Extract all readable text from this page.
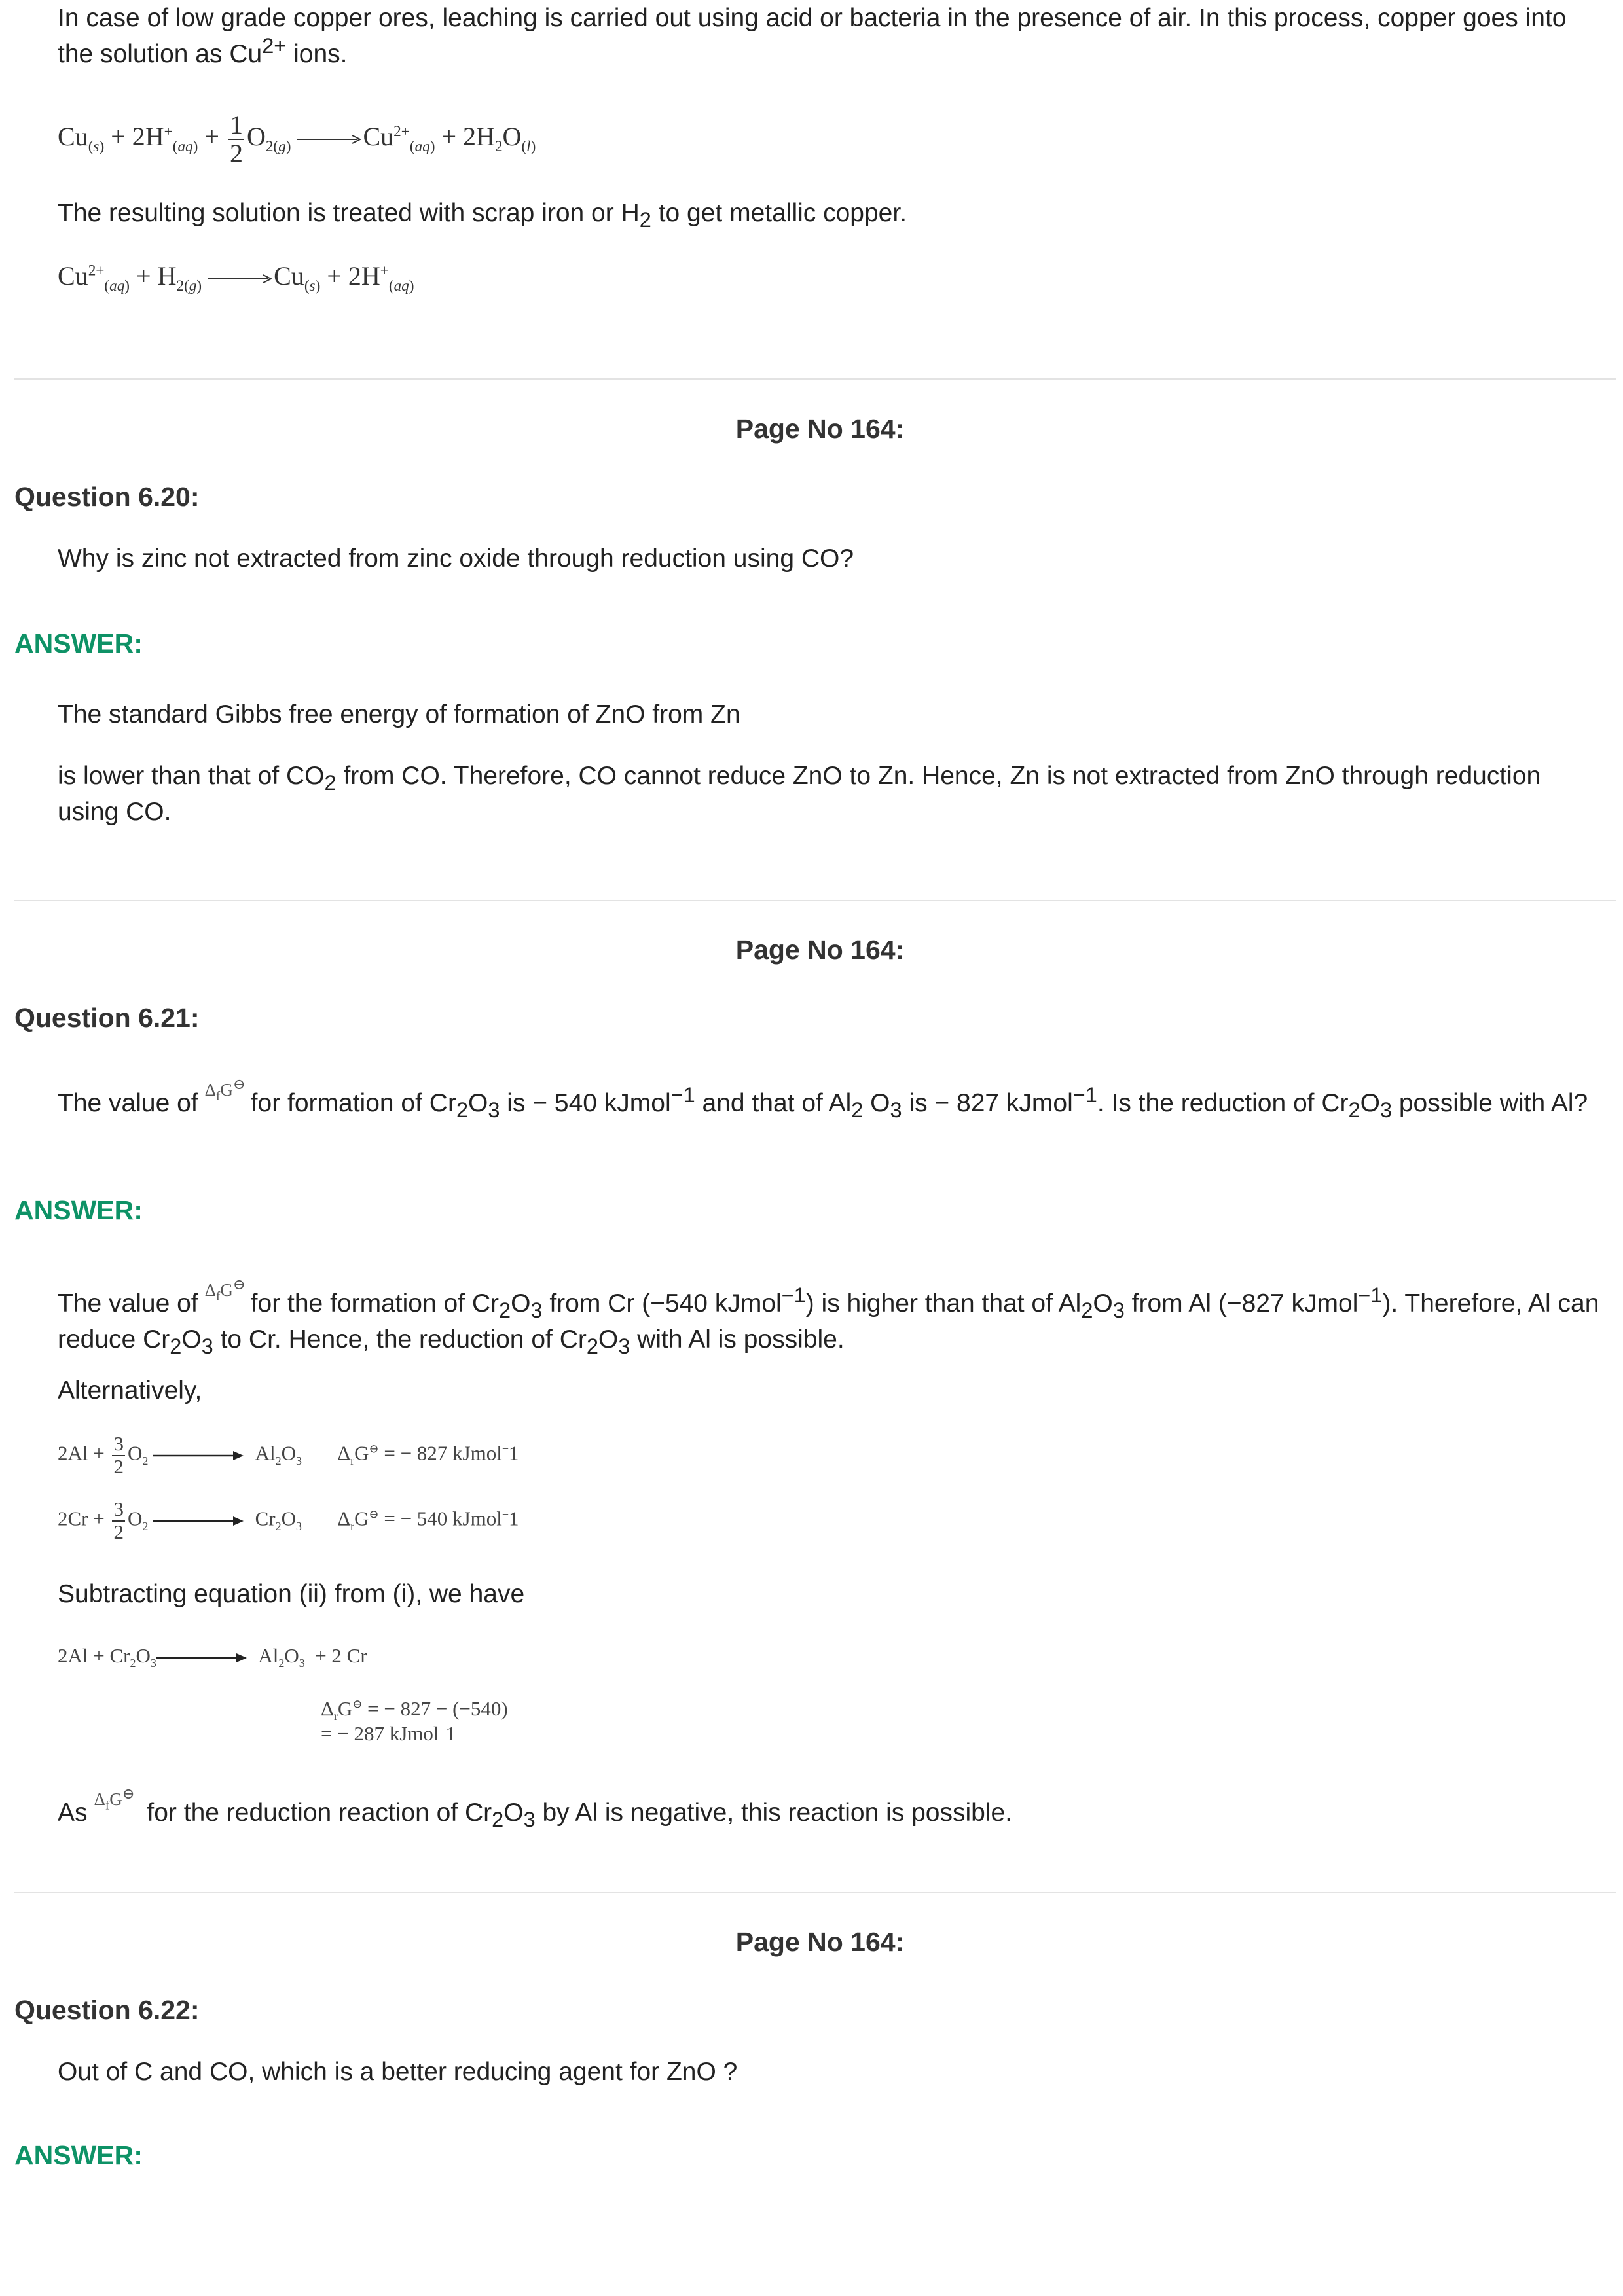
In case of low grade copper ores, leaching is carried out using acid or bacteria in the presence of air. In this process, copper goes into the solution as $Cu^{2+}$ ions.

$Cu_{(s)} + 2H^+_{(aq)} + \frac{1}{2} O_{2(g)}$	$Cu^{2+}_{(aq)} + 2H_2O_{(l)}$

The resulting solution is treated with scrap iron or $H_2$ to get metallic copper.

$Cu^{2+}_{(aq)} + H_{2(g)}$	$Cu_{(s)} + 2H^+_{(aq)}$
Page No 164:
Question 6.20:

Why is zinc not extracted from zinc oxide through reduction using CO?

ANSWER:

The standard Gibbs free energy of formation of ZnO from Zn

is lower than that of $CO_2$ from CO. Therefore, CO cannot reduce ZnO to Zn. Hence, Zn is not extracted from ZnO through reduction using CO.

Page No 164:
Question 6.21:

The value of $\Delta_fG^⊖for$ formation of $Cr_2O_3$ is − 540 kJmol$^{-1}$ and that of $Al_2$ $O_3$ is − 827 kJmol$^{-1}$. Is the reduction of $Cr_2O_3$ possible with Al?

ANSWER:

The value of $\Delta_fG^⊖for$ the formation of $Cr_2O_3$ from Cr (−540 kJmol$^{-1}$) is higher than that of $Al_2O_3$ from Al (−827 kJmol$^{-1}$). Therefore, Al can reduce $Cr_2O_3$ to Cr. Hence, the reduction of $Cr_2O_3$ with Al is possible.

Alternatively,

$2Al + \frac{3}{2} O_2$	$Al_2O_3$       $\Delta_rG^⊖$ = − 827 kJmol−1
$2Cr + \frac{3}{2} O_2$	$Cr_2O_3$       $\Delta_rG^⊖$ = − 540 kJmol−1

Subtracting equation (ii) from (i), we have

$2Al + Cr_2O_3$	$Al_2O_3 + 2$ Cr
$\Delta_rG^⊖$ = − 827 − (−540)
= − 287 kJmol−1

As $\Delta_fG^⊖$ for the reduction reaction of $Cr_2O_3$ by Al is negative, this reaction is possible.

Page No 164:
Question 6.22:

Out of C and CO, which is a better reducing agent for ZnO ?

ANSWER:
